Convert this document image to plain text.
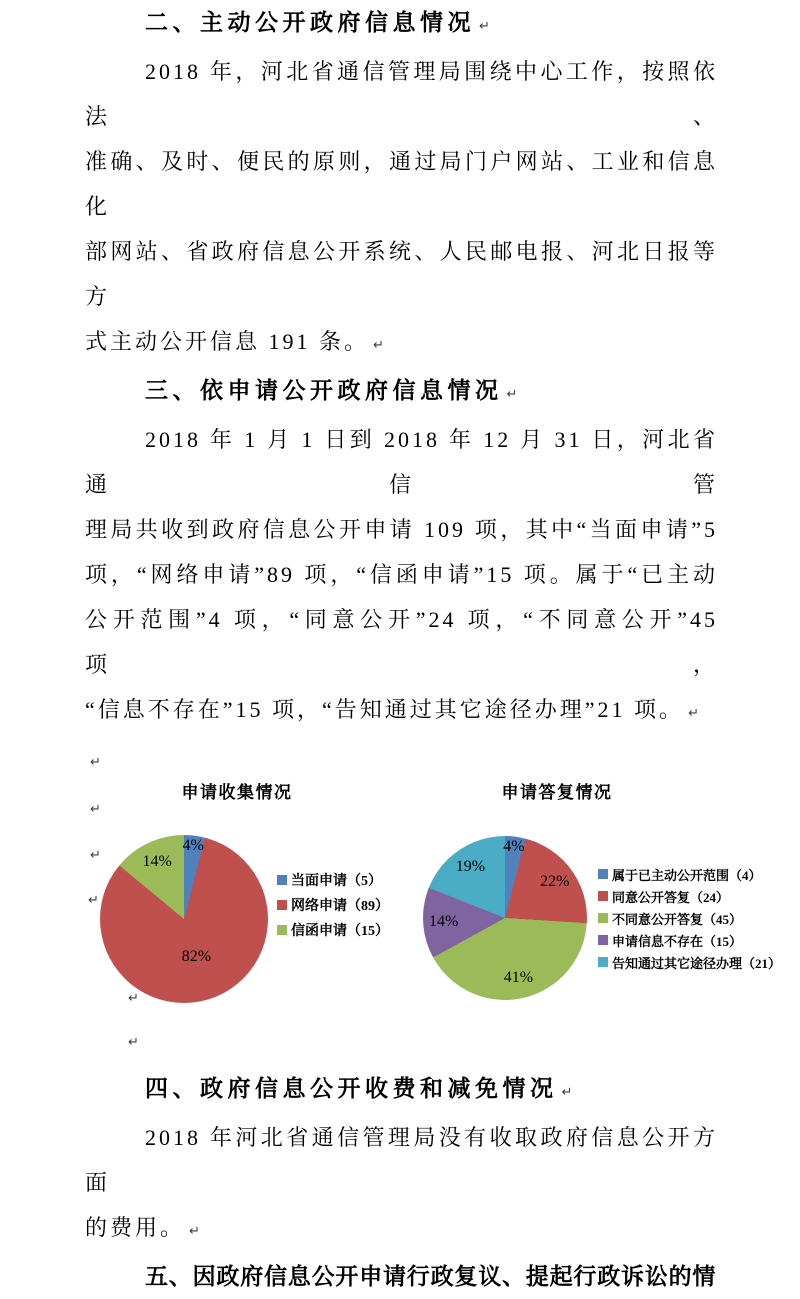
二、主动公开政府信息情况 ↵
2018 年，河北省通信管理局围绕中心工作，按照依法、
准确、及时、便民的原则，通过局门户网站、工业和信息化
部网站、省政府信息公开系统、人民邮电报、河北日报等方
式主动公开信息 191 条。 ↵
三、依申请公开政府信息情况 ↵
2018 年 1 月 1 日到 2018 年 12 月 31 日，河北省通信管
理局共收到政府信息公开申请 109 项，其中“当面申请”5
项，“网络申请”89 项，“信函申请”15 项。属于“已主动
公开范围”4 项，“同意公开”24 项，“不同意公开”45 项，
“信息不存在”15 项，“告知通过其它途径办理”21 项。 ↵
↵
↵
↵
↵
↵
↵
申请收集情况
4%
82%
14%
当面申请（5）
网络申请（89）
信函申请（15）
申请答复情况
4%
22%
41%
14%
19%	属于已主动公开范围（4）
同意公开答复（24）
不同意公开答复（45）
申请信息不存在（15）
告知通过其它途径办理（21）
四、政府信息公开收费和减免情况 ↵
2018 年河北省通信管理局没有收取政府信息公开方面
的费用。 ↵
五、因政府信息公开申请行政复议、提起行政诉讼的情
